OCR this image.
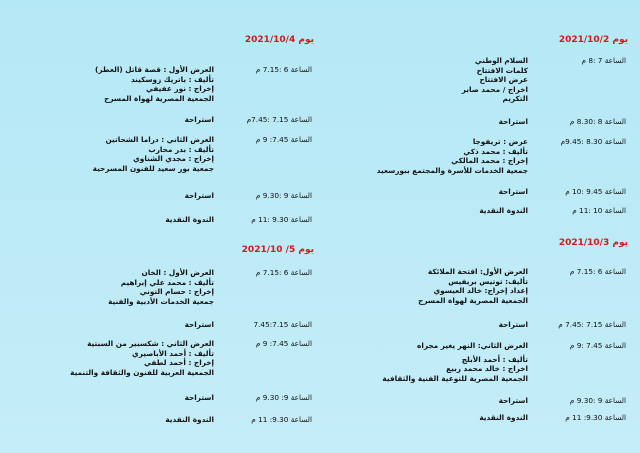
يوم 2021/10/2
الساعة 7 :8 م
السلام الوطني
كلمات الافتتاح
عرض الافتتاح
اخراج / محمد صابر
التكريم
الساعة 8 :8.30 م
استراحة
الساعة 8.30 :9.45م
عرض : تريفوجا
تأليف : محمد ذكي
إخراج : محمد المالكي
جمعية الخدمات للأسرة والمجتمع ببورسعيد
الساعة 9.45 :10 م
استراحة
الساعة 10 :11 م
الندوة النقدية
يوم 2021/10/3
الساعة 6 :7.15 م
العرض الأول: اقتحة الملائكة
تأليف: توتيس بريفيس
إعداد إخراج: خالد العيسوي
الجمعية المصرية لهواة المسرح
الساعة 7.15 :7.45 م
استراحة
الساعة 7.45 :9 م
العرض الثاني: النهر يغير مجراه
تأليف : أحمد الأبلج
اخراج : خالد محمد ربيع
الجمعية المصرية للتوعية الفنية والثقافية
الساعة 9 :9.30 م
استراحة
الساعة 9.30: 11 م
الندوة النقدية
يوم 2021/10/4
الساعة 6 :7.15 م
العرض الأول : قصة قاتل (العطر)
تأليف : باتريك زوسكيند
إخراج : نور عفيفي
الجمعية المصرية لهواة المسرح
الساعة 7.15 :7.45م
استراحة
الساعة 7.45: 9 م
العرض الثاني : دراما الشحاتين
تأليف : بدر محارب
إخراج : مجدي الشناوي
جمعية بور سعيد للفنون المسرحية
الساعة 9 :9.30 م
استراحة
الساعة 9.30 :11 م
الندوة النقدية
يوم 5/ 2021/10
الساعة 6 :7.15 م
العرض الأول : الخان
تأليف : محمد علي إبراهيم
إخراج : حسام التوني
جمعية الخدمات الأدبية والفنية
الساعة 7.45:7.15
استراحة
الساعة 7.45: 9 م
العرض الثاني : شكسبير من السبتية
تأليف : أحمد الأباصيري
إخراج : أحمد لطفي
الجمعية العربية للفنون والثقافة والتنمية
الساعة 9: 9.30 م
استراحة
الساعة 9.30: 11 م
الندوة النقدية
